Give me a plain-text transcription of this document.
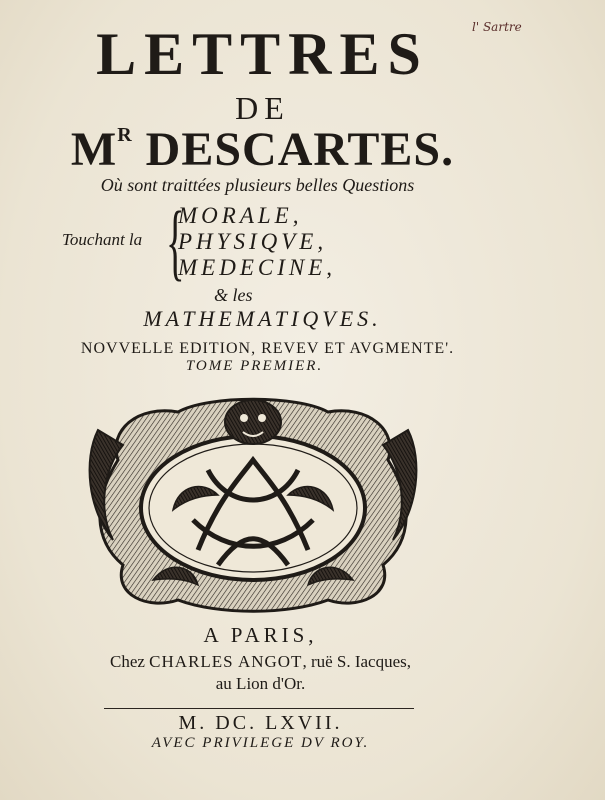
l' Sartre
LETTRES
DE
$M^R$ DESCARTES.
Où sont traittées plusieurs belles Questions
Touchant la {
MORALE,
PHYSIQVE,
MEDECINE,
& les
MATHEMATIQVES.
NOVVELLE EDITION, REVEV ET AVGMENTE'.
TOME PREMIER.
A PARIS,
Chez CHARLES ANGOT, ruë S. Iacques,
au Lion d'Or.
M. DC. LXVII.
AVEC PRIVILEGE DV ROY.
